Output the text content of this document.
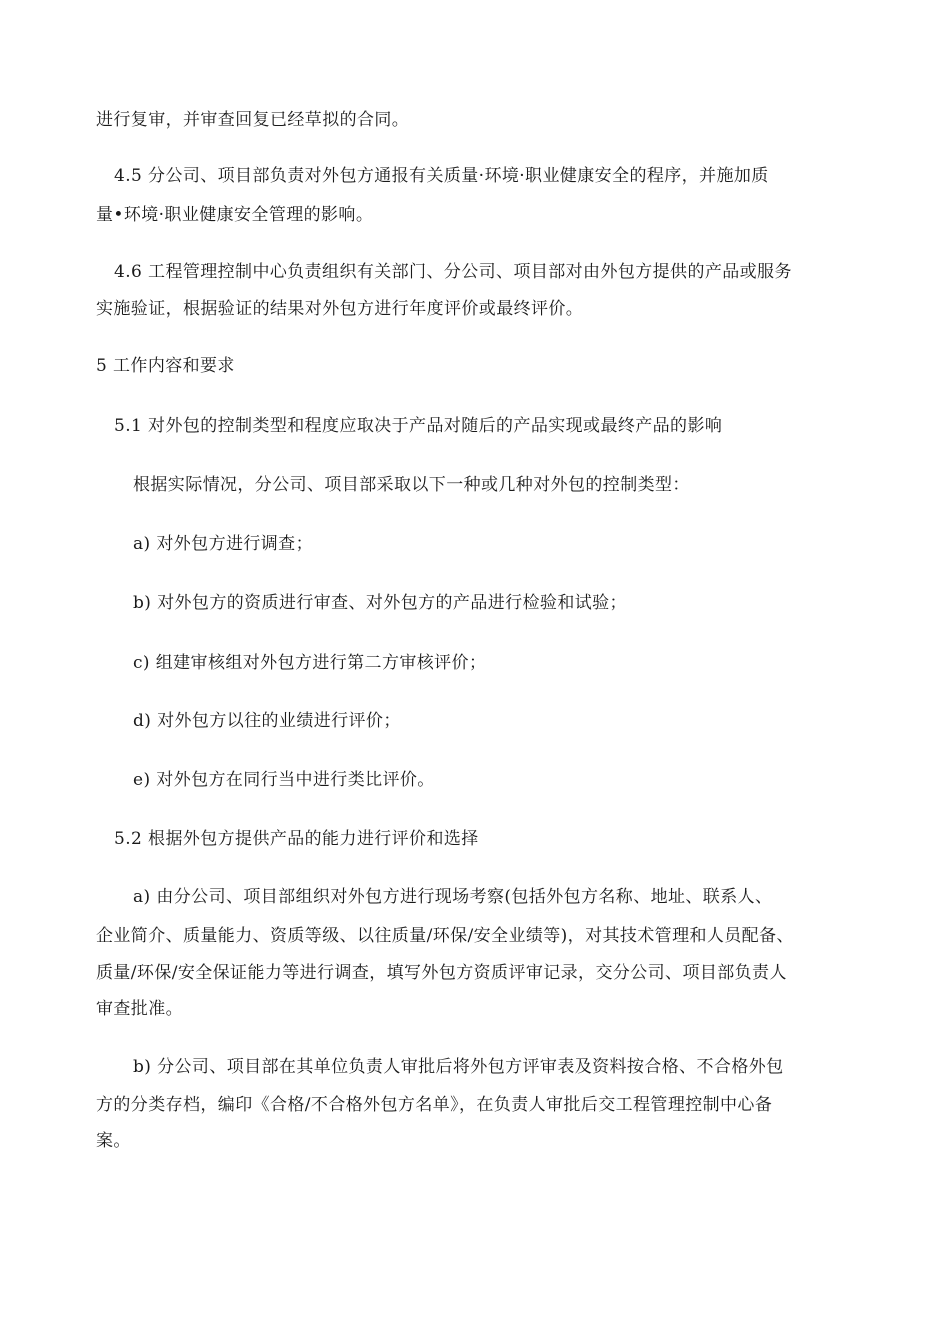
进行复审，并审查回复已经草拟的合同。
4.5 分公司、项目部负责对外包方通报有关质量·环境·职业健康安全的程序，并施加质
量•环境·职业健康安全管理的影响。
4.6 工程管理控制中心负责组织有关部门、分公司、项目部对由外包方提供的产品或服务
实施验证，根据验证的结果对外包方进行年度评价或最终评价。
5 工作内容和要求
5.1 对外包的控制类型和程度应取决于产品对随后的产品实现或最终产品的影响
根据实际情况，分公司、项目部采取以下一种或几种对外包的控制类型：
a) 对外包方进行调查；
b) 对外包方的资质进行审查、对外包方的产品进行检验和试验；
c) 组建审核组对外包方进行第二方审核评价；
d) 对外包方以往的业绩进行评价；
e) 对外包方在同行当中进行类比评价。
5.2 根据外包方提供产品的能力进行评价和选择
a) 由分公司、项目部组织对外包方进行现场考察(包括外包方名称、地址、联系人、
企业简介、质量能力、资质等级、以往质量/环保/安全业绩等)，对其技术管理和人员配备、
质量/环保/安全保证能力等进行调查，填写外包方资质评审记录，交分公司、项目部负责人
审查批准。
b) 分公司、项目部在其单位负责人审批后将外包方评审表及资料按合格、不合格外包
方的分类存档，编印《合格/不合格外包方名单》，在负责人审批后交工程管理控制中心备
案。
